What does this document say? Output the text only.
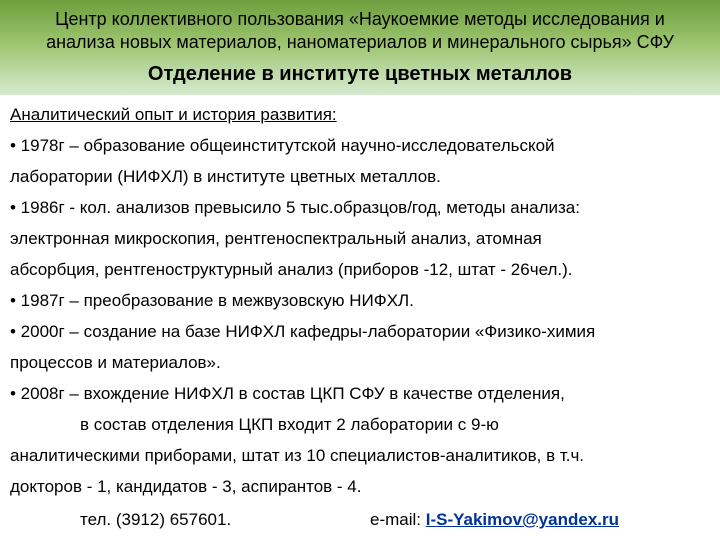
Центр коллективного пользования «Наукоемкие методы исследования и
анализа новых материалов, наноматериалов и минерального сырья» СФУ
Отделение в институте цветных металлов
Аналитический опыт и история развития:
• 1978г – образование общеинститутской научно-исследовательской
лаборатории (НИФХЛ) в институте цветных металлов.
• 1986г - кол. анализов превысило 5 тыс.образцов/год, методы анализа:
электронная микроскопия, рентгеноспектральный анализ, атомная
абсорбция, рентгеноструктурный анализ (приборов -12, штат - 26чел.).
• 1987г – преобразование в межвузовскую НИФХЛ.
• 2000г – создание на базе НИФХЛ кафедры-лаборатории «Физико-химия
процессов и материалов».
• 2008г – вхождение НИФХЛ в состав ЦКП СФУ в качестве отделения,
в состав отделения ЦКП входит 2 лаборатории с 9-ю
аналитическими приборами, штат из 10 специалистов-аналитиков, в т.ч.
докторов - 1, кандидатов - 3, аспирантов - 4.
тел. (3912) 657601.	e-mail: I-S-Yakimov@yandex.ru
